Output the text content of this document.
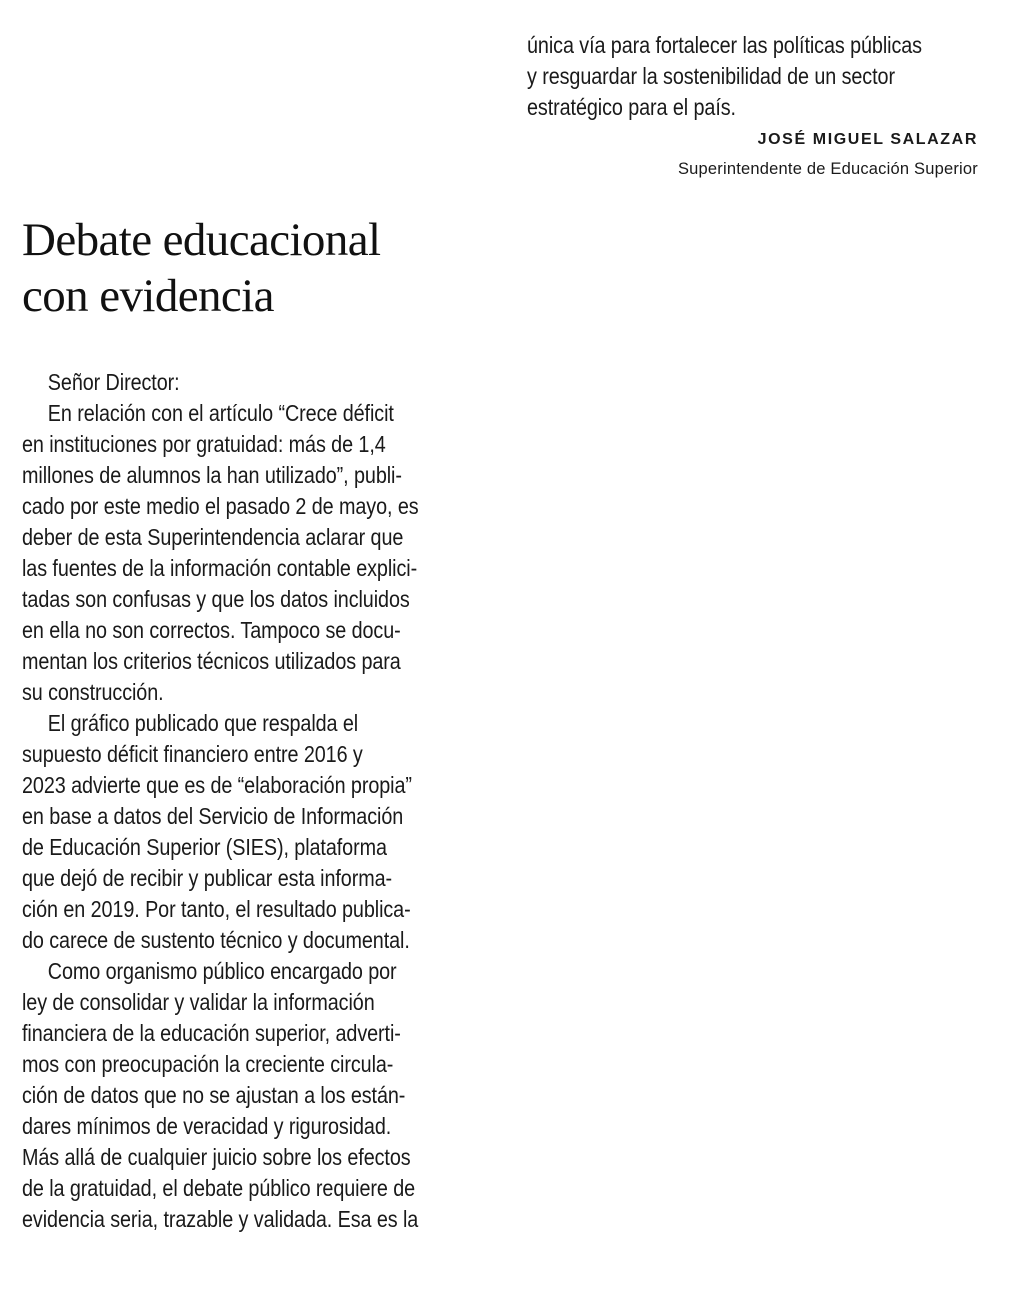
única vía para fortalecer las políticas públicas
y resguardar la sostenibilidad de un sector
estratégico para el país.
JOSÉ MIGUEL SALAZAR
Superintendente de Educación Superior
Debate educacional
con evidencia
Señor Director:
En relación con el artículo “Crece déficit
en instituciones por gratuidad: más de 1,4
millones de alumnos la han utilizado”, publi-
cado por este medio el pasado 2 de mayo, es
deber de esta Superintendencia aclarar que
las fuentes de la información contable explici-
tadas son confusas y que los datos incluidos
en ella no son correctos. Tampoco se docu-
mentan los criterios técnicos utilizados para
su construcción.
El gráfico publicado que respalda el
supuesto déficit financiero entre 2016 y
2023 advierte que es de “elaboración propia”
en base a datos del Servicio de Información
de Educación Superior (SIES), plataforma
que dejó de recibir y publicar esta informa-
ción en 2019. Por tanto, el resultado publica-
do carece de sustento técnico y documental.
Como organismo público encargado por
ley de consolidar y validar la información
financiera de la educación superior, adverti-
mos con preocupación la creciente circula-
ción de datos que no se ajustan a los están-
dares mínimos de veracidad y rigurosidad.
Más allá de cualquier juicio sobre los efectos
de la gratuidad, el debate público requiere de
evidencia seria, trazable y validada. Esa es la
